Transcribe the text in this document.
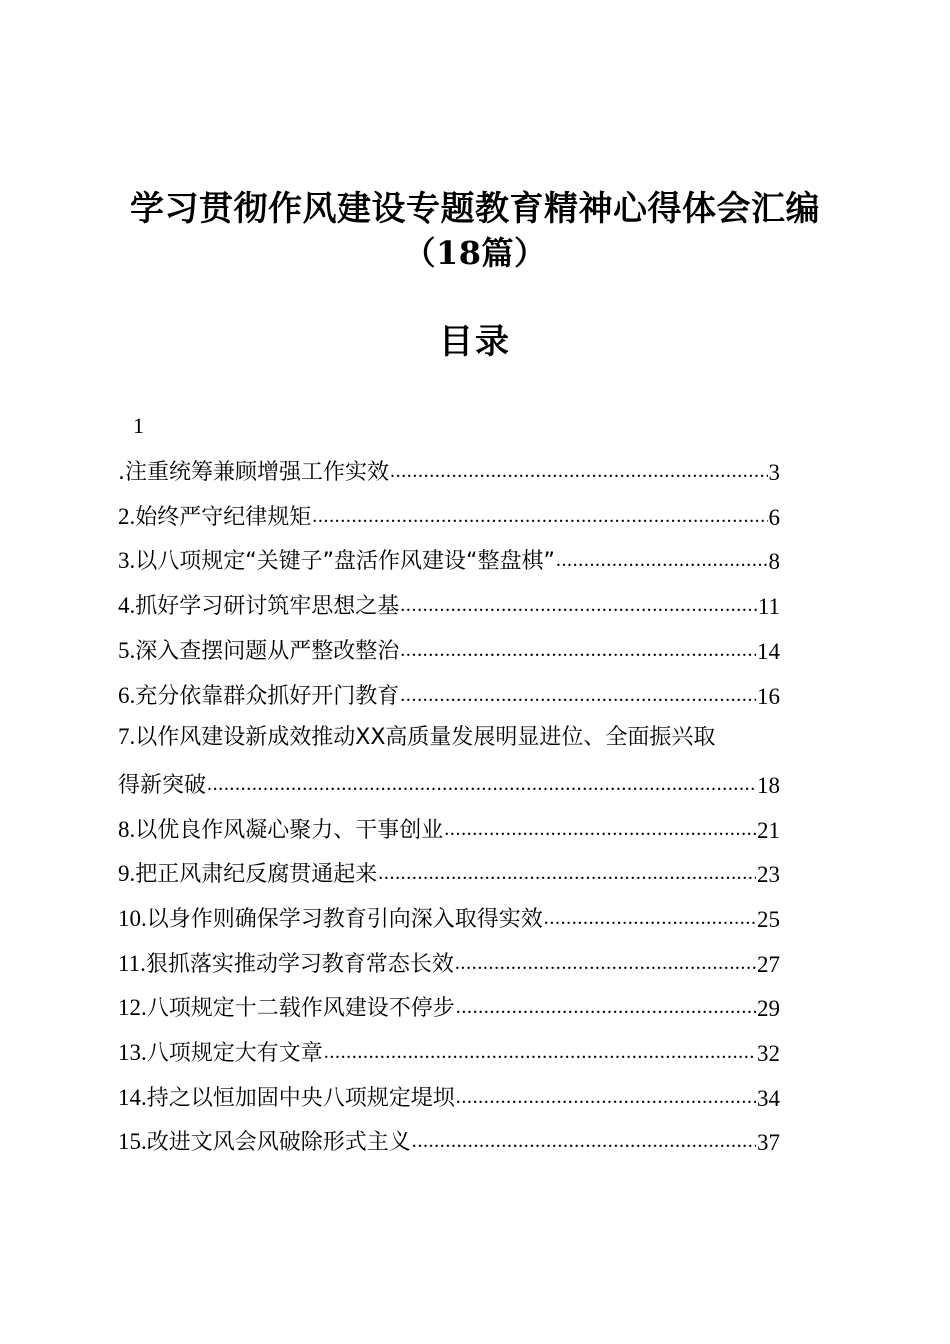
学习贯彻作风建设专题教育精神心得体会汇编
（18篇）
目录
1
.注重统筹兼顾增强工作实效 .....	3
2.始终严守纪律规矩 .....	6
3.以八项规定“关键子”盘活作风建设“整盘棋” .....	8
4.抓好学习研讨筑牢思想之基 .....	11
5.深入查摆问题从严整改整治 .....	14
6.充分依靠群众抓好开门教育 .....	16
7.以作风建设新成效推动XX高质量发展明显进位、全面振兴取
得新突破 .....	18
8.以优良作风凝心聚力、干事创业 .....	21
9.把正风肃纪反腐贯通起来 .....	23
10.以身作则确保学习教育引向深入取得实效 .....	25
11.狠抓落实推动学习教育常态长效 .....	27
12.八项规定十二载作风建设不停步 .....	29
13.八项规定大有文章 .....	32
14.持之以恒加固中央八项规定堤坝 .....	34
15.改进文风会风破除形式主义 .....	37
